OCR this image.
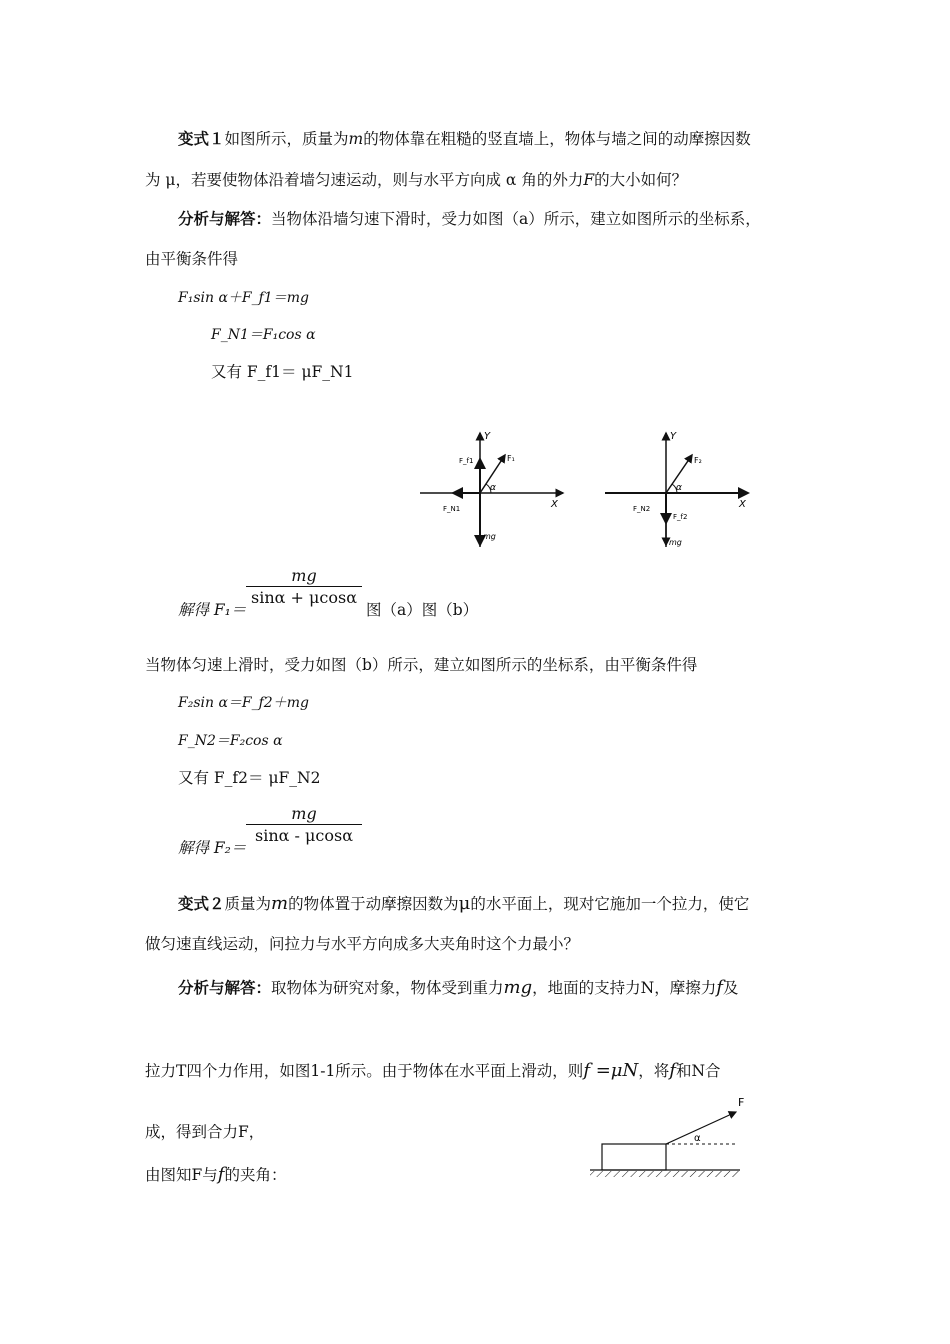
变式１如图所示，质量为m的物体靠在粗糙的竖直墙上，物体与墙之间的动摩擦因数
为 μ，若要使物体沿着墙匀速运动，则与水平方向成 α 角的外力F的大小如何？
分析与解答：当物体沿墙匀速下滑时，受力如图（a）所示，建立如图所示的坐标系，
由平衡条件得
F₁sin α＋F_f1＝mg
F_N1＝F₁cos α
又有 F_f1＝ μF_N1
Y
X
F₁
F_f1
F_N1
α
mg
Y
X
F₂
F_f2
F_N2
α
mg
解得 F₁＝
mg
sinα + μcosα
图（a）图（b）
当物体匀速上滑时，受力如图（b）所示，建立如图所示的坐标系，由平衡条件得
F₂sin α＝F_f2＋mg
F_N2＝F₂cos α
又有 F_f2＝ μF_N2
解得 F₂＝
mg
sinα - μcosα
变式２质量为m的物体置于动摩擦因数为μ的水平面上，现对它施加一个拉力，使它
做匀速直线运动，问拉力与水平方向成多大夹角时这个力最小？
分析与解答：取物体为研究对象，物体受到重力mg，地面的支持力N，摩擦力f及
拉力T四个力作用，如图1-1所示。由于物体在水平面上滑动，则f =μN，将f和N合
成，得到合力F，
由图知F与f的夹角：
F
α
